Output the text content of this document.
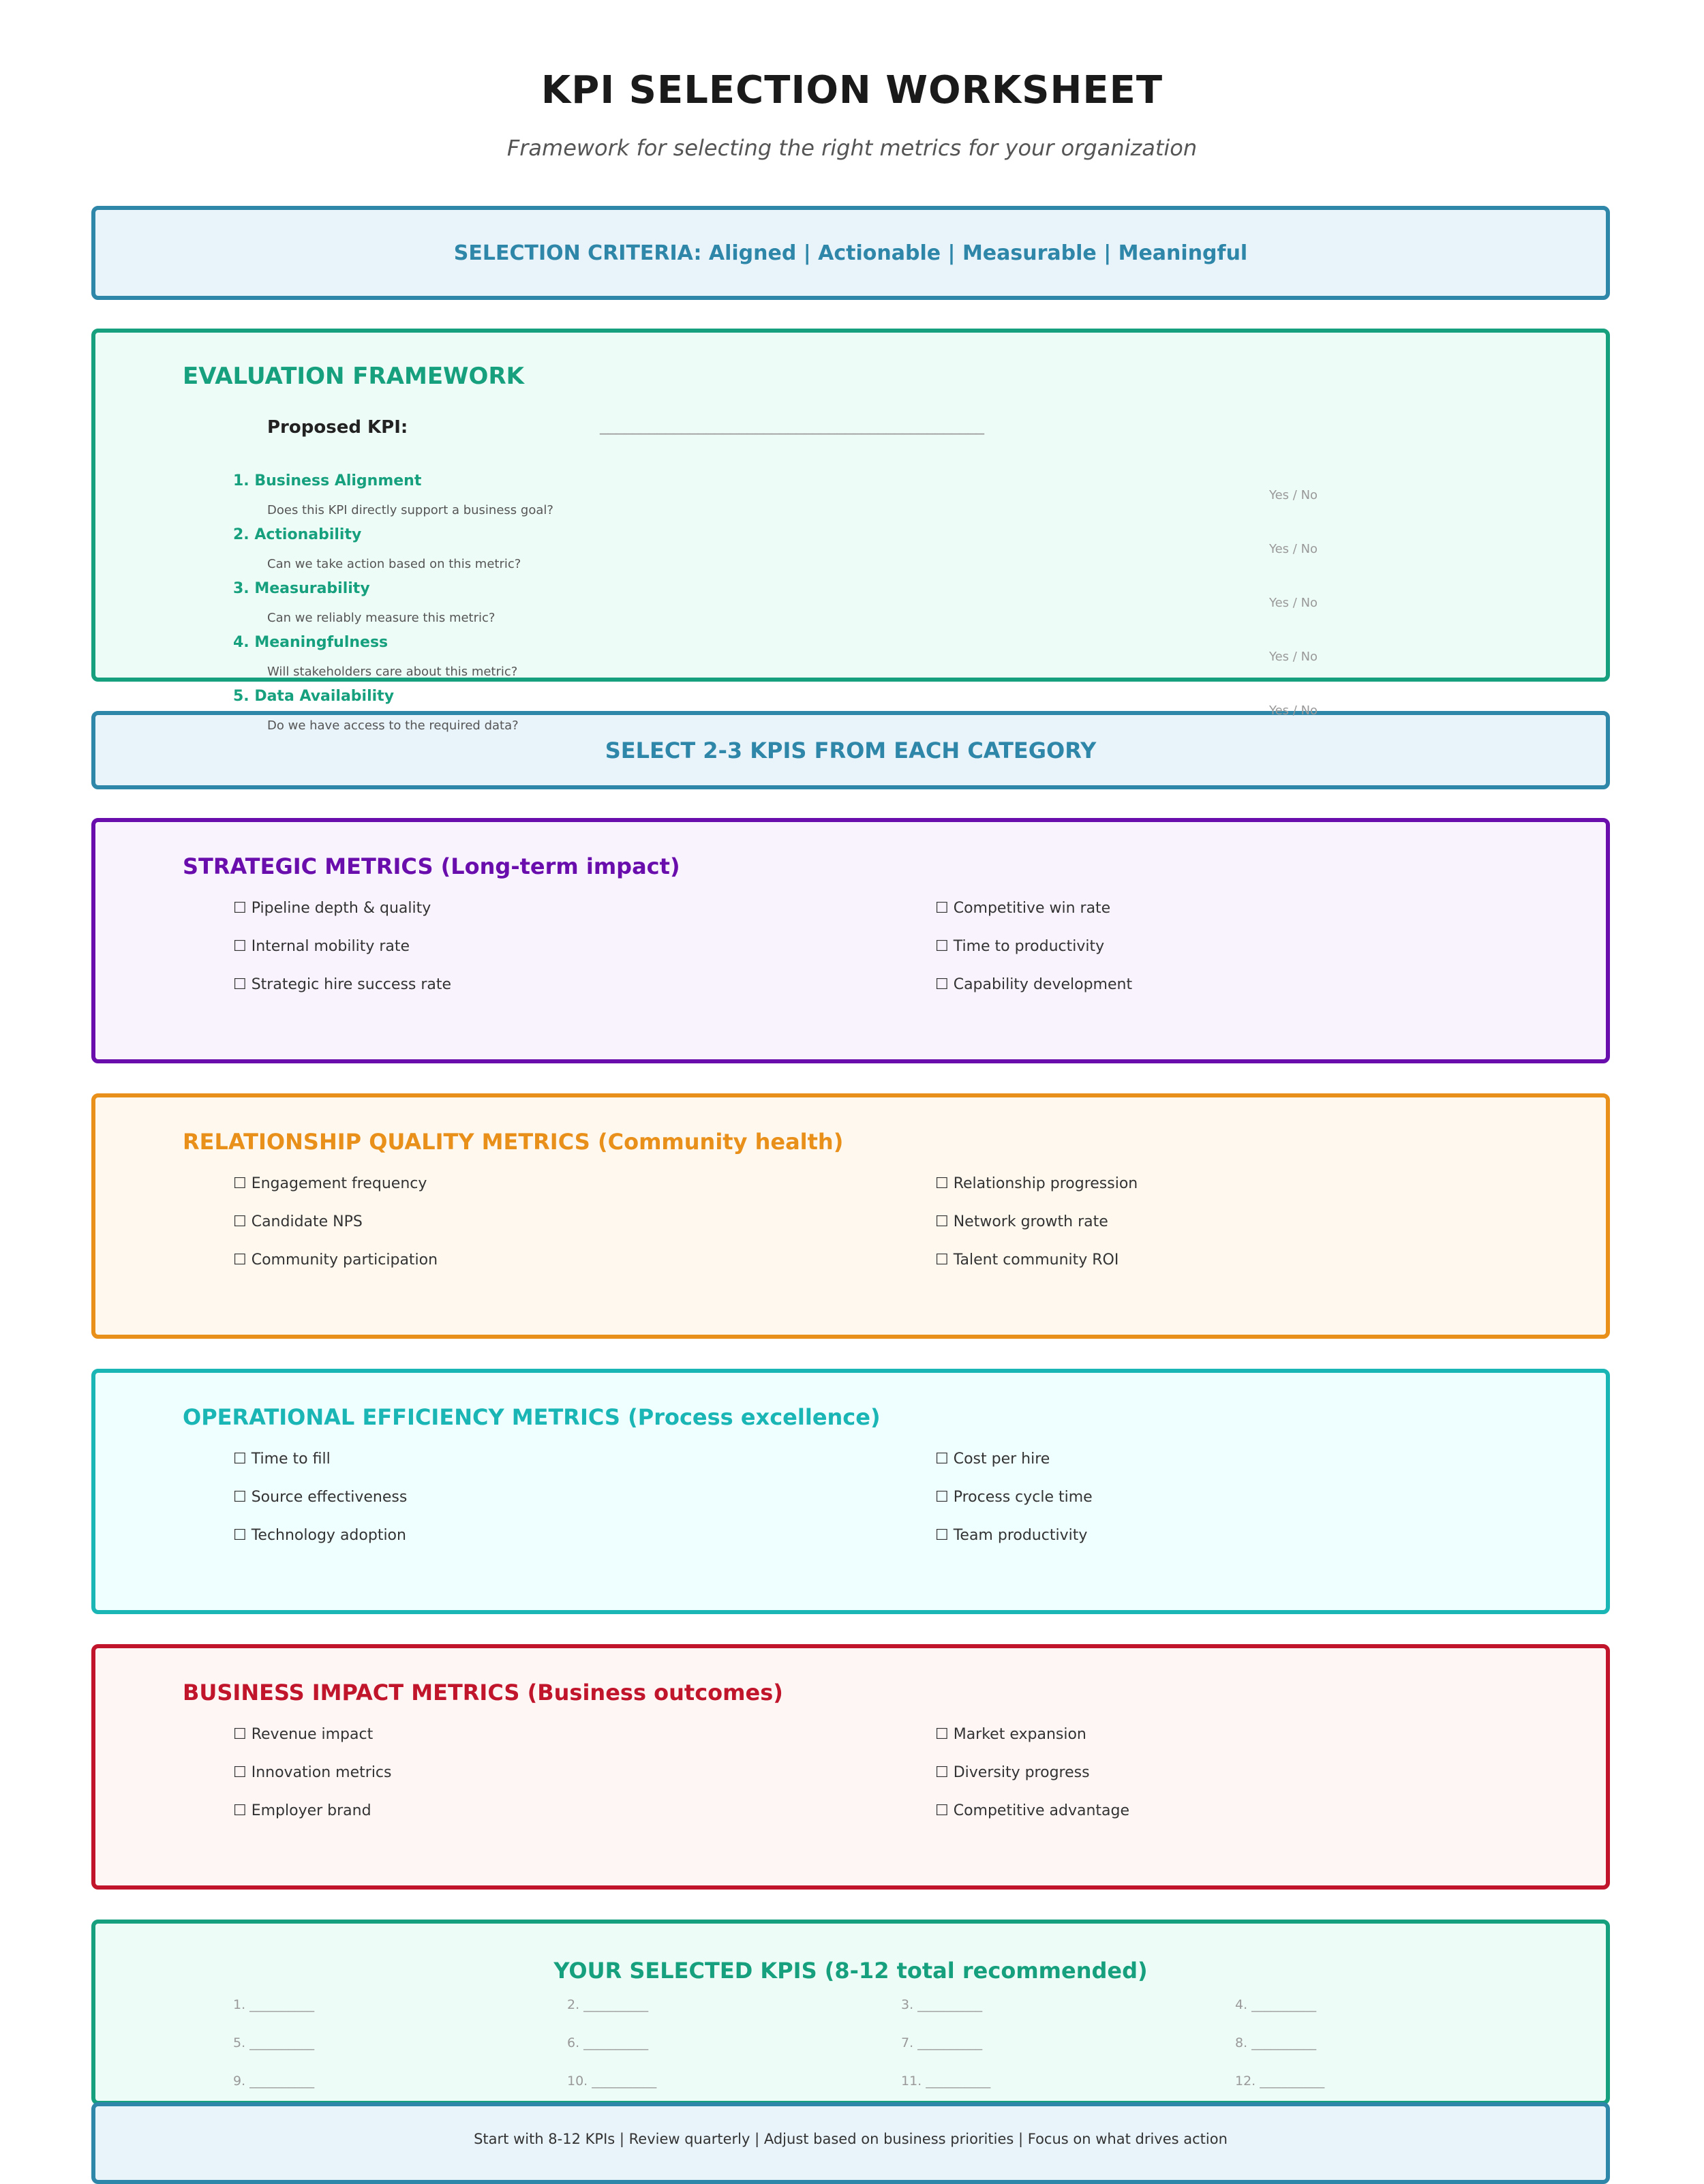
KPI SELECTION WORKSHEET
Framework for selecting the right metrics for your organization
SELECTION CRITERIA: Aligned | Actionable | Measurable | Meaningful
EVALUATION FRAMEWORK
Proposed KPI:	_______________________________________________
1. Business Alignment
Does this KPI directly support a business goal?
Yes / No
2. Actionability
Can we take action based on this metric?
Yes / No
3. Measurability
Can we reliably measure this metric?
Yes / No
4. Meaningfulness
Will stakeholders care about this metric?
Yes / No
SELECT 2-3 KPIS FROM EACH CATEGORY
5. Data Availability
Do we have access to the required data?
Yes / No
STRATEGIC METRICS (Long-term impact)
☐ Pipeline depth & quality
☐ Internal mobility rate
☐ Strategic hire success rate
☐ Competitive win rate
☐ Time to productivity
☐ Capability development
RELATIONSHIP QUALITY METRICS (Community health)
☐ Engagement frequency
☐ Candidate NPS
☐ Community participation
☐ Relationship progression
☐ Network growth rate
☐ Talent community ROI
OPERATIONAL EFFICIENCY METRICS (Process excellence)
☐ Time to fill
☐ Source effectiveness
☐ Technology adoption
☐ Cost per hire
☐ Process cycle time
☐ Team productivity
BUSINESS IMPACT METRICS (Business outcomes)
☐ Revenue impact
☐ Innovation metrics
☐ Employer brand
☐ Market expansion
☐ Diversity progress
☐ Competitive advantage
YOUR SELECTED KPIS (8-12 total recommended)
1. __________	2. __________	3. __________	4. __________
5. __________	6. __________	7. __________	8. __________
9. __________	10. __________	11. __________	12. __________
Start with 8-12 KPIs | Review quarterly | Adjust based on business priorities | Focus on what drives action
